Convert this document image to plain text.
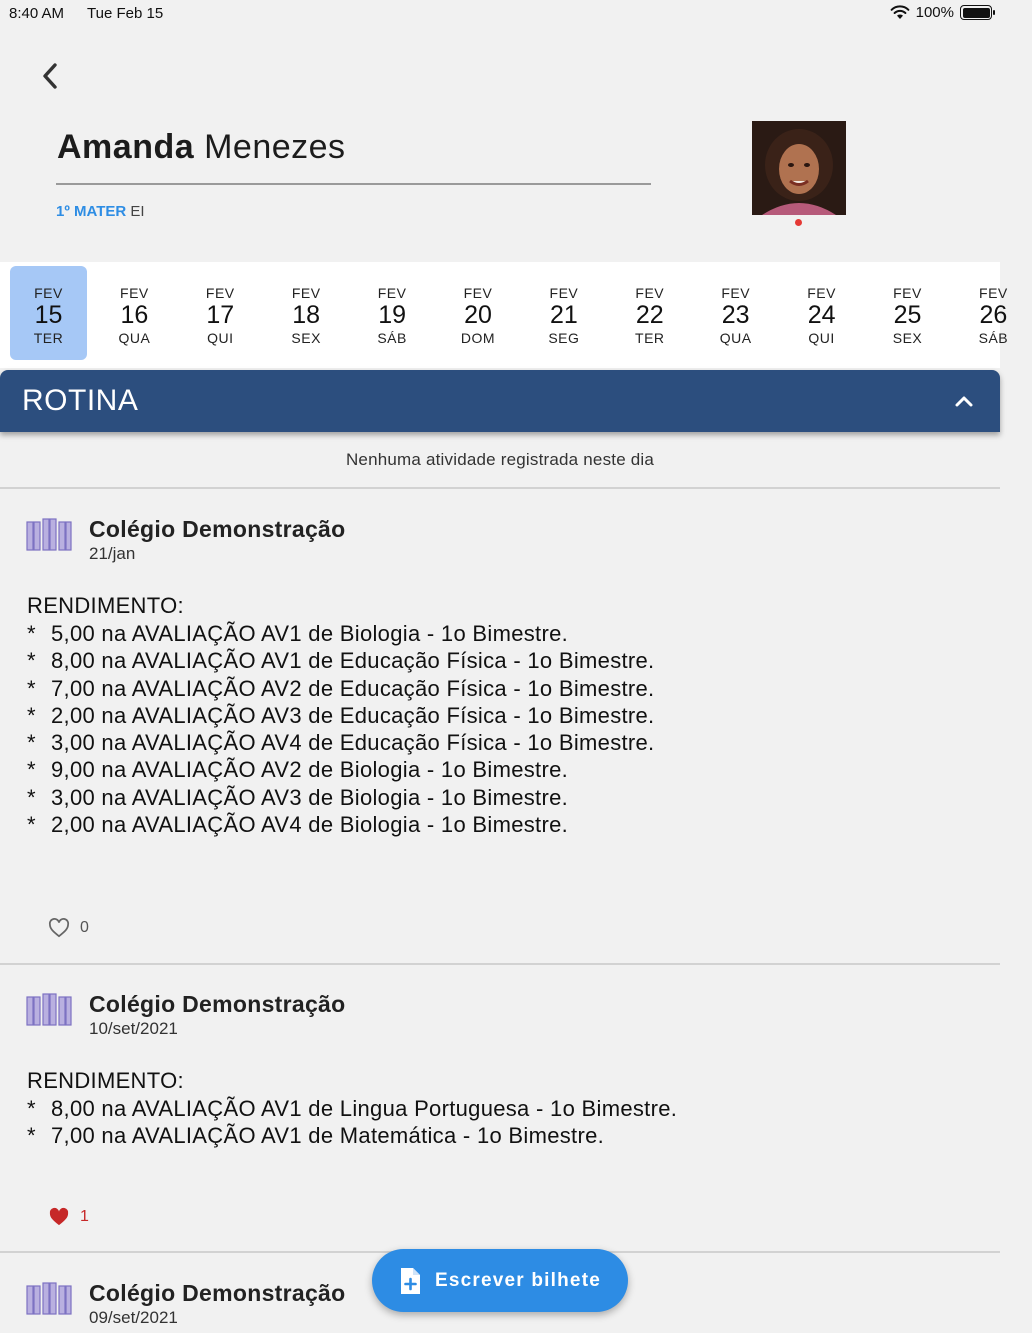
8:40 AM Tue Feb 15	100%
Amanda Menezes
1º MATER EI
FEV
15
TER
FEV
16
QUA
FEV
17
QUI
FEV
18
SEX
FEV
19
SÁB
FEV
20
DOM
FEV
21
SEG
FEV
22
TER
FEV
23
QUA
FEV
24
QUI
FEV
25
SEX
FEV
26
SÁB
ROTINA
Nenhuma atividade registrada neste dia
Colégio Demonstração
21/jan
RENDIMENTO:
* 5,00 na AVALIAÇÃO AV1 de Biologia - 1o Bimestre.
* 8,00 na AVALIAÇÃO AV1 de Educação Física - 1o Bimestre.
* 7,00 na AVALIAÇÃO AV2 de Educação Física - 1o Bimestre.
* 2,00 na AVALIAÇÃO AV3 de Educação Física - 1o Bimestre.
* 3,00 na AVALIAÇÃO AV4 de Educação Física - 1o Bimestre.
* 9,00 na AVALIAÇÃO AV2 de Biologia - 1o Bimestre.
* 3,00 na AVALIAÇÃO AV3 de Biologia - 1o Bimestre.
* 2,00 na AVALIAÇÃO AV4 de Biologia - 1o Bimestre.
0
Colégio Demonstração
10/set/2021
RENDIMENTO:
* 8,00 na AVALIAÇÃO AV1 de Lingua Portuguesa - 1o Bimestre.
* 7,00 na AVALIAÇÃO AV1 de Matemática - 1o Bimestre.
1
Colégio Demonstração
09/set/2021
Escrever bilhete
